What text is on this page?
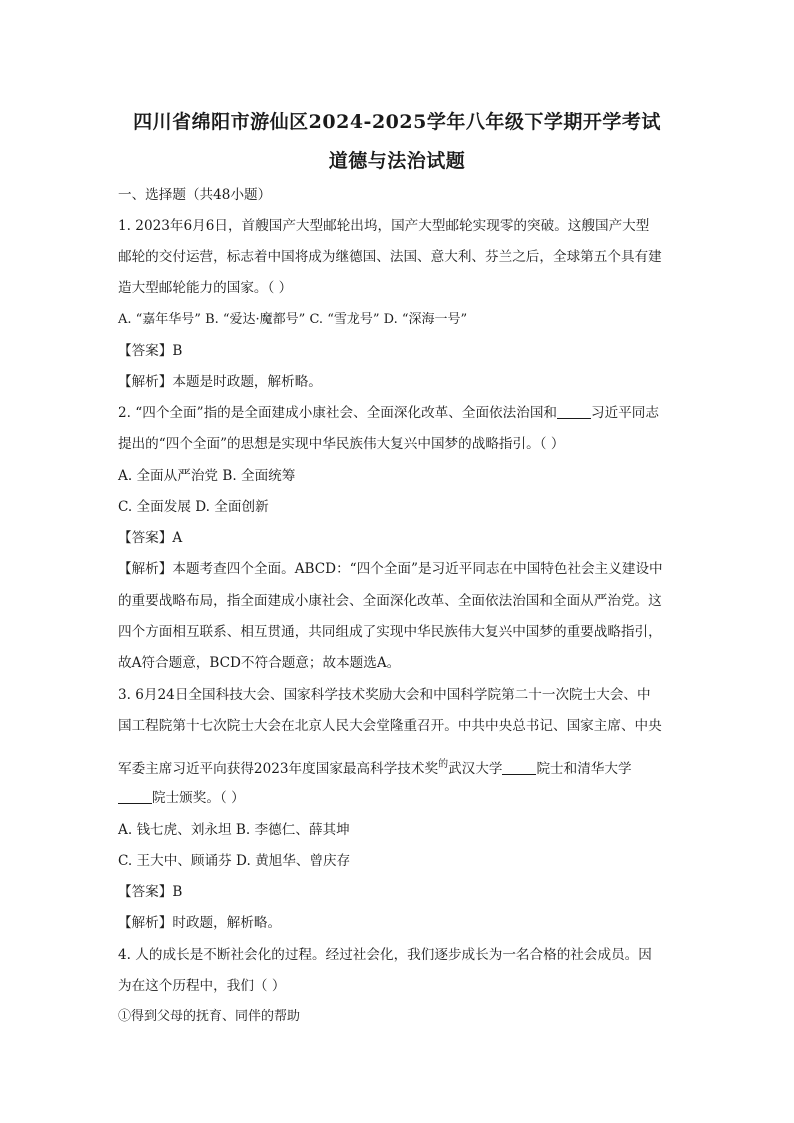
四川省绵阳市游仙区2024-2025学年八年级下学期开学考试
道德与法治试题
一、选择题（共48小题）
1. 2023年6月6日，首艘国产大型邮轮出坞，国产大型邮轮实现零的突破。这艘国产大型
邮轮的交付运营，标志着中国将成为继德国、法国、意大利、芬兰之后，全球第五个具有建
造大型邮轮能力的国家。（ ）
A. “嘉年华号” B. “爱达·魔都号” C. “雪龙号” D. “深海一号”
【答案】B
【解析】本题是时政题，解析略。
2. “四个全面”指的是全面建成小康社会、全面深化改革、全面依法治国和	习近平同志
提出的“四个全面”的思想是实现中华民族伟大复兴中国梦的战略指引。（ ）
A. 全面从严治党 B. 全面统筹
C. 全面发展 D. 全面创新
【答案】A
【解析】本题考查四个全面。ABCD：“四个全面”是习近平同志在中国特色社会主义建设中
的重要战略布局，指全面建成小康社会、全面深化改革、全面依法治国和全面从严治党。这
四个方面相互联系、相互贯通，共同组成了实现中华民族伟大复兴中国梦的重要战略指引，
故A符合题意，BCD不符合题意；故本题选A。
3. 6月24日全国科技大会、国家科学技术奖励大会和中国科学院第二十一次院士大会、中
国工程院第十七次院士大会在北京人民大会堂隆重召开。中共中央总书记、国家主席、中央
军委主席习近平向获得2023年度国家最高科学技术奖$^的$武汉大学	院士和清华大学
院士颁奖。（ ）
A. 钱七虎、刘永坦 B. 李德仁、薛其坤
C. 王大中、顾诵芬 D. 黄旭华、曾庆存
【答案】B
【解析】时政题，解析略。
4. 人的成长是不断社会化的过程。经过社会化，我们逐步成长为一名合格的社会成员。因
为在这个历程中，我们（ ）
①得到父母的抚育、同伴的帮助
